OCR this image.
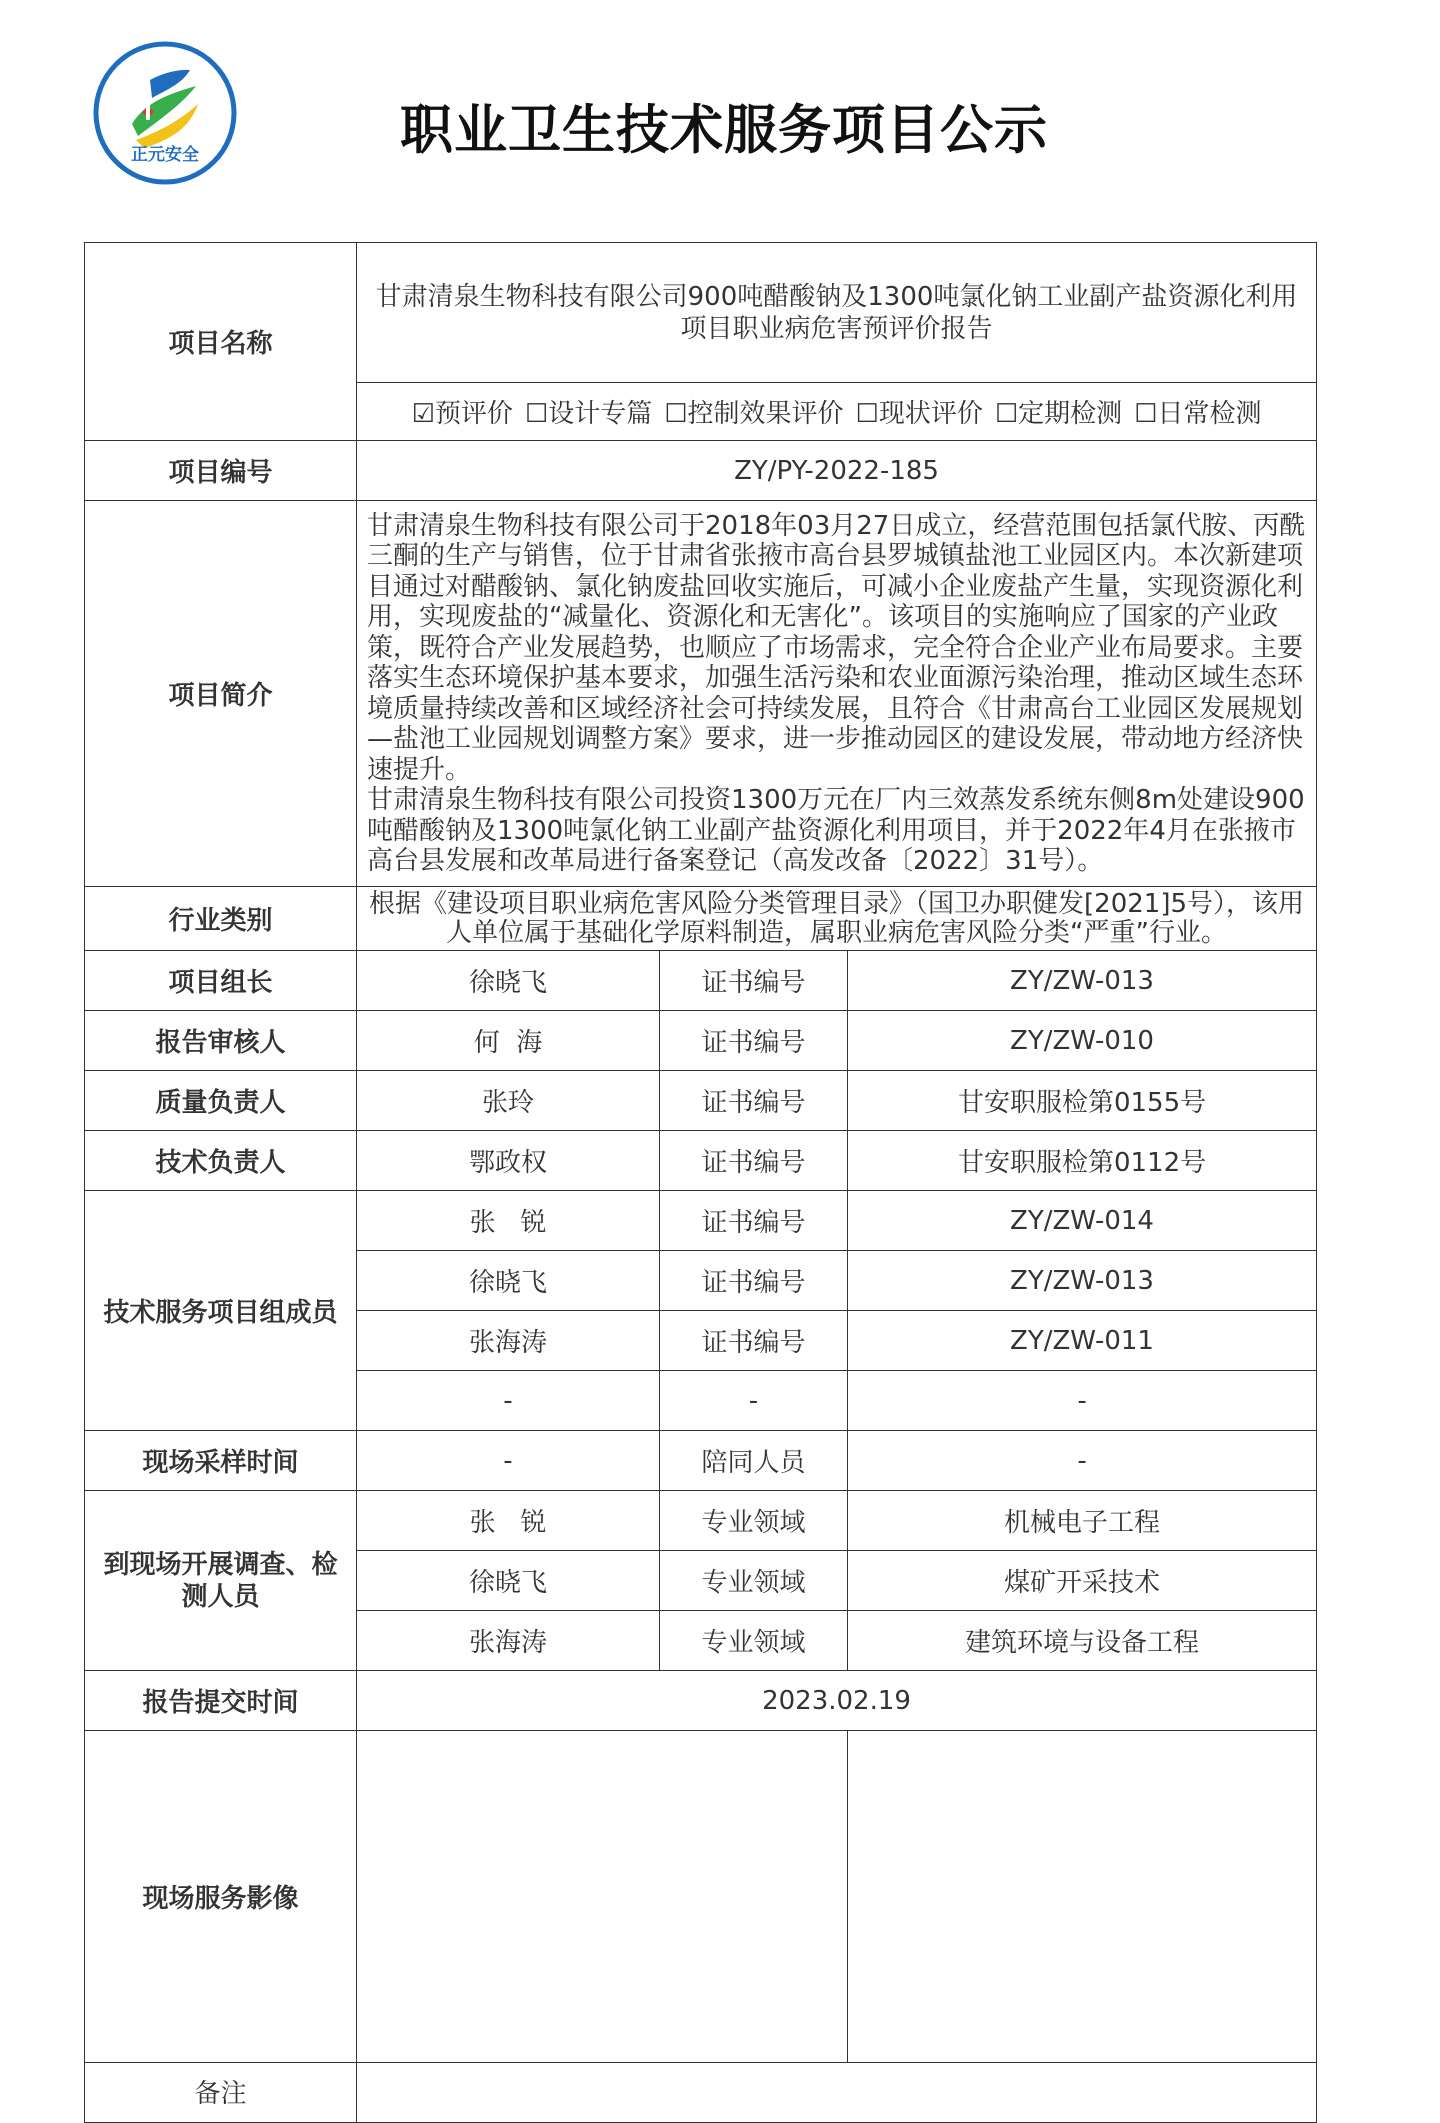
正元安全	职业卫生技术服务项目公示
项目名称	甘肃清泉生物科技有限公司900吨醋酸钠及1300吨氯化钠工业副产盐资源化利用项目职业病危害预评价报告		

	☑预评价 ☐设计专篇 ☐控制效果评价 ☐现状评价 ☐定期检测 ☐日常检测		

项目编号	ZY/PY-2022-185		
项目简介	甘肃清泉生物科技有限公司于2018年03月27日成立，经营范围包括氯代胺、丙酰三酮的生产与销售，位于甘肃省张掖市高台县罗城镇盐池工业园区内。本次新建项目通过对醋酸钠、氯化钠废盐回收实施后，可减小企业废盐产生量，实现资源化利用，实现废盐的“减量化、资源化和无害化”。该项目的实施响应了国家的产业政策，既符合产业发展趋势，也顺应了市场需求，完全符合企业产业布局要求。主要落实生态环境保护基本要求，加强生活污染和农业面源污染治理，推动区域生态环境质量持续改善和区域经济社会可持续发展，且符合《甘肃高台工业园区发展规划—盐池工业园规划调整方案》要求，进一步推动园区的建设发展，带动地方经济快速提升。

甘肃清泉生物科技有限公司投资1300万元在厂内三效蒸发系统东侧8m处建设900吨醋酸钠及1300吨氯化钠工业副产盐资源化利用项目，并于2022年4月在张掖市高台县发展和改革局进行备案登记（高发改备〔2022〕31号）。		

行业类别	根据《建设项目职业病危害风险分类管理目录》（国卫办职健发[2021]5号），该用人单位属于基础化学原料制造，属职业病危害风险分类“严重”行业。		

项目组长	徐晓飞	证书编号	ZY/ZW-013
报告审核人	何  海	证书编号	ZY/ZW-010
质量负责人	张玲	证书编号	甘安职服检第0155号
技术负责人	鄂政权	证书编号	甘安职服检第0112号
技术服务项目组成员	张   锐	证书编号	ZY/ZW-014
	徐晓飞	证书编号	ZY/ZW-013
	张海涛	证书编号	ZY/ZW-011
	-	-	-
现场采样时间	-	陪同人员	-

到现场开展调查、检测人员	张   锐	专业领域	机械电子工程
	徐晓飞	专业领域	煤矿开采技术
	张海涛	专业领域	建筑环境与设备工程
报告提交时间	2023.02.19		
现场服务影像			

备注			
